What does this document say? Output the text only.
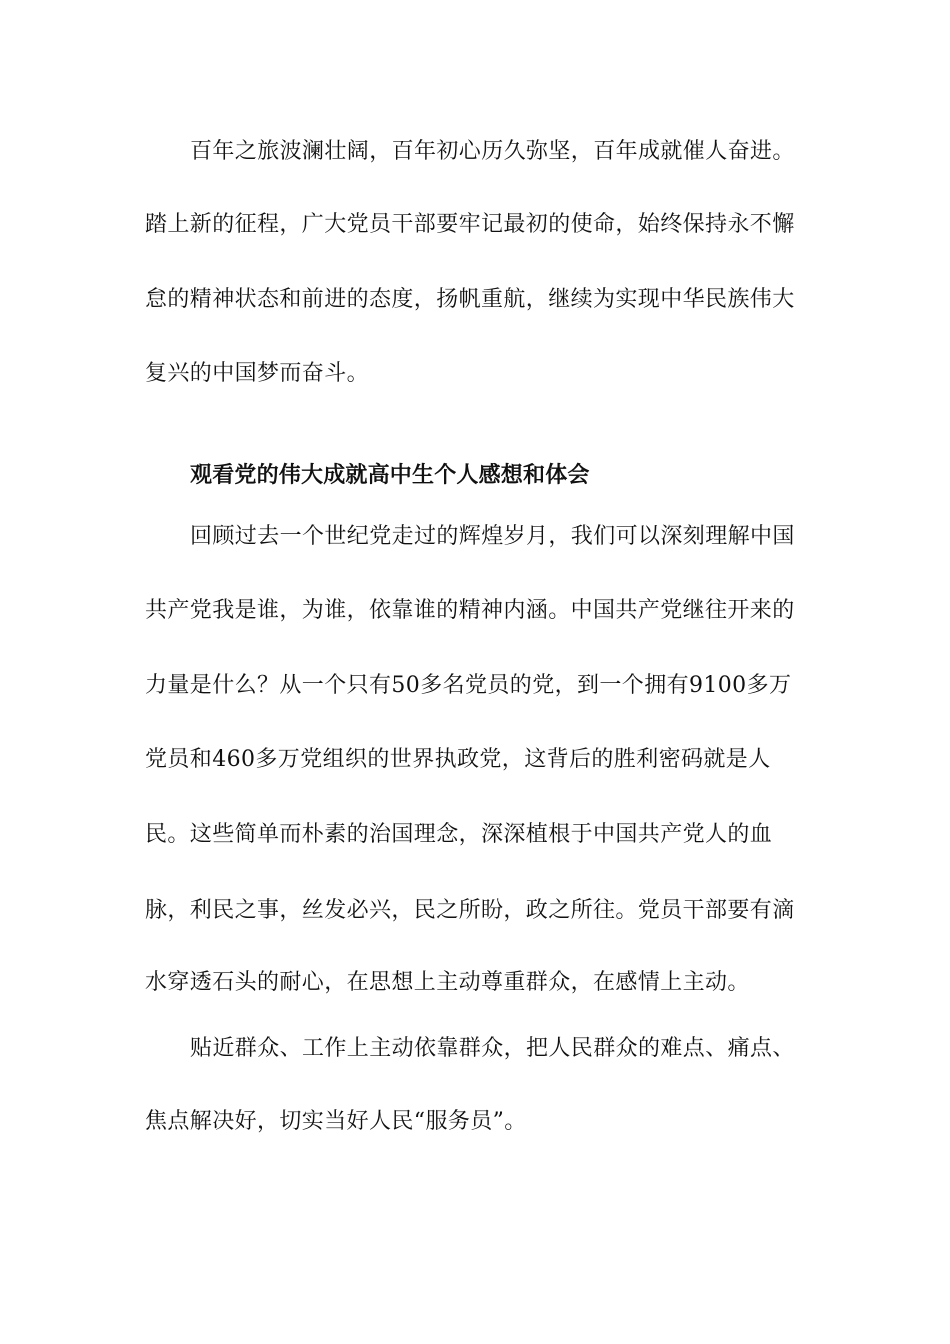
百年之旅波澜壮阔，百年初心历久弥坚，百年成就催人奋进。
踏上新的征程，广大党员干部要牢记最初的使命，始终保持永不懈
怠的精神状态和前进的态度，扬帆重航，继续为实现中华民族伟大
复兴的中国梦而奋斗。
观看党的伟大成就高中生个人感想和体会
回顾过去一个世纪党走过的辉煌岁月，我们可以深刻理解中国
共产党我是谁，为谁，依靠谁的精神内涵。中国共产党继往开来的
力量是什么？从一个只有50多名党员的党，到一个拥有9100多万
党员和460多万党组织的世界执政党，这背后的胜利密码就是人
民。这些简单而朴素的治国理念，深深植根于中国共产党人的血
脉，利民之事，丝发必兴，民之所盼，政之所往。党员干部要有滴
水穿透石头的耐心，在思想上主动尊重群众，在感情上主动。
贴近群众、工作上主动依靠群众，把人民群众的难点、痛点、
焦点解决好，切实当好人民“服务员”。
